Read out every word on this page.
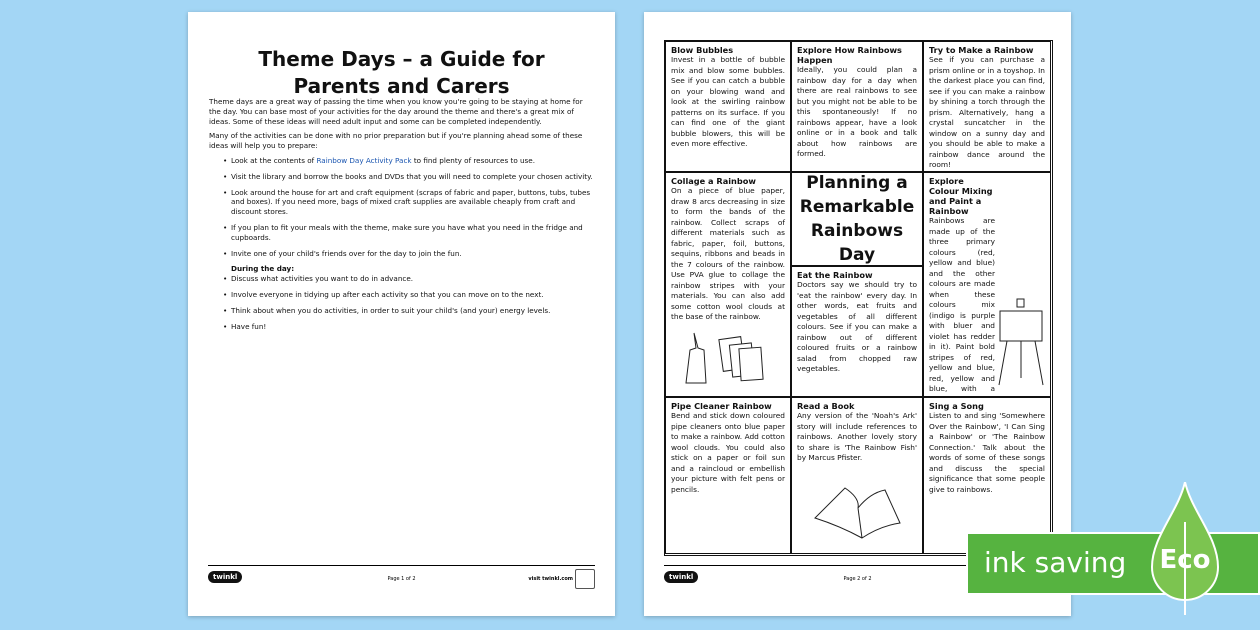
Theme Days – a Guide for
Parents and Carers

Theme days are a great way of passing the time when you know you're going to be staying at home for the day. You can base most of your activities for the day around the theme and there's a great mix of ideas. Some of these ideas will need adult input and some can be completed independently.

Many of the activities can be done with no prior preparation but if you're planning ahead some of these ideas will help you to prepare:

• Look at the contents of Rainbow Day Activity Pack to find plenty of resources to use.
• Visit the library and borrow the books and DVDs that you will need to complete your chosen activity.
• Look around the house for art and craft equipment (scraps of fabric and paper, buttons, tubs, tubes and boxes). If you need more, bags of mixed craft supplies are available cheaply from craft and discount stores.
• If you plan to fit your meals with the theme, make sure you have what you need in the fridge and cupboards.
• Invite one of your child's friends over for the day to join the fun.
During the day:
• Discuss what activities you want to do in advance.
• Involve everyone in tidying up after each activity so that you can move on to the next.
• Think about when you do activities, in order to suit your child's (and your) energy levels.
• Have fun!
twinkl	Page 1 of 2	visit twinkl.com
Blow Bubbles
Invest in a bottle of bubble mix and blow some bubbles. See if you can catch a bubble on your blowing wand and look at the swirling rainbow patterns on its surface. If you can find one of the giant bubble blowers, this will be even more effective.
Explore How Rainbows Happen
Ideally, you could plan a rainbow day for a day when there are real rainbows to see but you might not be able to be this spontaneously! If no rainbows appear, have a look online or in a book and talk about how rainbows are formed.
Try to Make a Rainbow
See if you can purchase a prism online or in a toyshop. In the darkest place you can find, see if you can make a rainbow by shining a torch through the prism. Alternatively, hang a crystal suncatcher in the window on a sunny day and you should be able to make a rainbow dance around the room!
Collage a Rainbow
On a piece of blue paper, draw 8 arcs decreasing in size to form the bands of the rainbow. Collect scraps of different materials such as fabric, paper, foil, buttons, sequins, ribbons and beads in the 7 colours of the rainbow. Use PVA glue to collage the rainbow stripes with your materials. You can also add some cotton wool clouds at the base of the rainbow.
Planning a Remarkable Rainbows Day
Eat the Rainbow
Doctors say we should try to 'eat the rainbow' every day. In other words, eat fruits and vegetables of all different colours. See if you can make a rainbow out of different coloured fruits or a rainbow salad from chopped raw vegetables.
Explore Colour Mixing and Paint a Rainbow
Rainbows are made up of the three primary colours (red, yellow and blue) and the other colours are made when these colours mix (indigo is purple with bluer and violet has redder in it). Paint bold stripes of red, yellow and blue, red, yellow and blue, with a
Pipe Cleaner Rainbow
Bend and stick down coloured pipe cleaners onto blue paper to make a rainbow. Add cotton wool clouds. You could also stick on a paper or foil sun and a raincloud or embellish your picture with felt pens or pencils.
Read a Book
Any version of the 'Noah's Ark' story will include references to rainbows. Another lovely story to share is 'The Rainbow Fish' by Marcus Pfister.
Sing a Song
Listen to and sing 'Somewhere Over the Rainbow', 'I Can Sing a Rainbow' or 'The Rainbow Connection.' Talk about the words of some of these songs and discuss the special significance that some people give to rainbows.
twinkl	Page 2 of 2	ink saving	Eco
